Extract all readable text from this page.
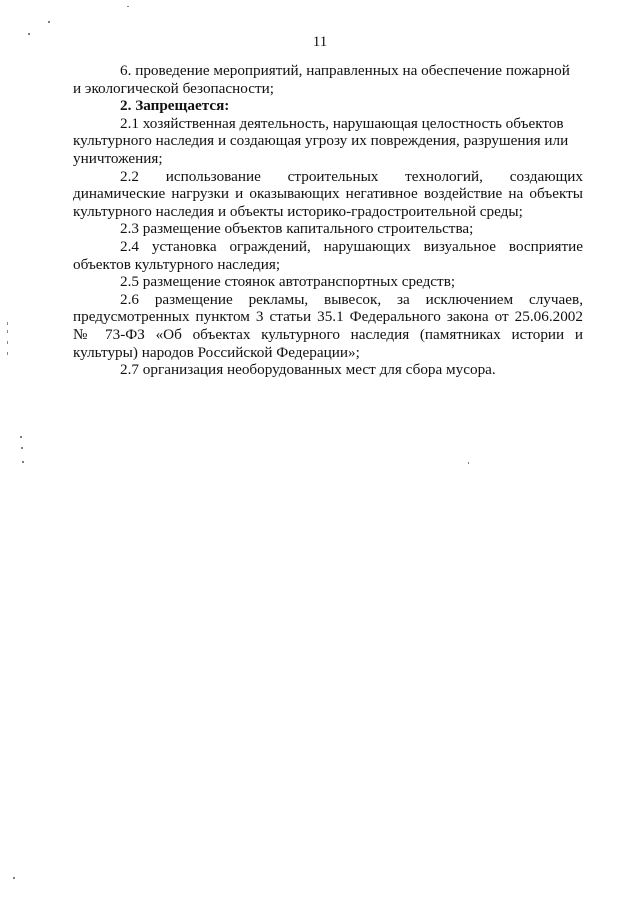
11

6. проведение мероприятий, направленных на обеспечение пожарной
и экологической безопасности;

2. Запрещается:

2.1 хозяйственная деятельность, нарушающая целостность объектов
культурного наследия и создающая угрозу их повреждения, разрушения или
уничтожения;

2.2 использование строительных технологий, создающих динамические нагрузки и оказывающих негативное воздействие на объекты культурного наследия и объекты историко-градостроительной среды;

2.3 размещение объектов капитального строительства;

2.4 установка ограждений, нарушающих визуальное восприятие объектов культурного наследия;

2.5 размещение стоянок автотранспортных средств;

2.6 размещение рекламы, вывесок, за исключением случаев, предусмотренных пунктом 3 статьи 35.1 Федерального закона от 25.06.2002 № 73-ФЗ «Об объектах культурного наследия (памятниках истории и культуры) народов Российской Федерации»;

2.7 организация необорудованных мест для сбора мусора.
